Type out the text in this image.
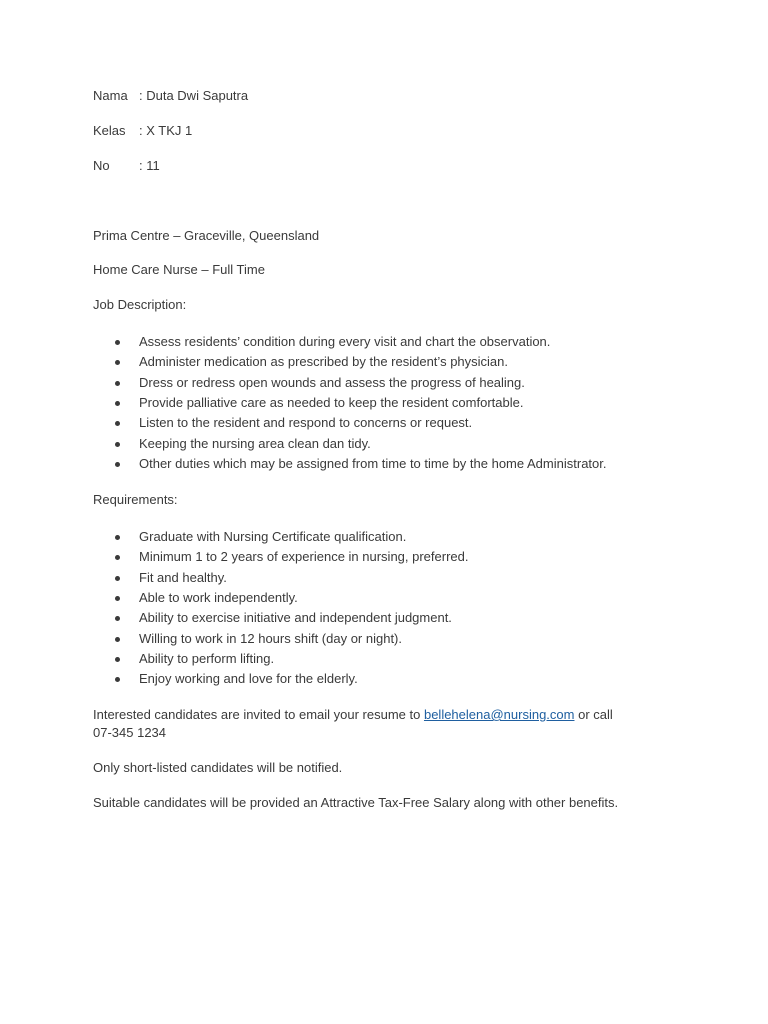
Nama : Duta Dwi Saputra
Kelas : X TKJ 1
No : 11
Prima Centre – Graceville, Queensland
Home Care Nurse – Full Time
Job Description:
Assess residents’ condition during every visit and chart the observation.
Administer medication as prescribed by the resident’s physician.
Dress or redress open wounds and assess the progress of healing.
Provide palliative care as needed to keep the resident comfortable.
Listen to the resident and respond to concerns or request.
Keeping the nursing area clean dan tidy.
Other duties which may be assigned from time to time by the home Administrator.
Requirements:
Graduate with Nursing Certificate qualification.
Minimum 1 to 2 years of experience in nursing, preferred.
Fit and healthy.
Able to work independently.
Ability to exercise initiative and independent judgment.
Willing to work in 12 hours shift (day or night).
Ability to perform lifting.
Enjoy working and love for the elderly.
Interested candidates are invited to email your resume to bellehelena@nursing.com or call
07-345 1234
Only short-listed candidates will be notified.
Suitable candidates will be provided an Attractive Tax-Free Salary along with other benefits.
